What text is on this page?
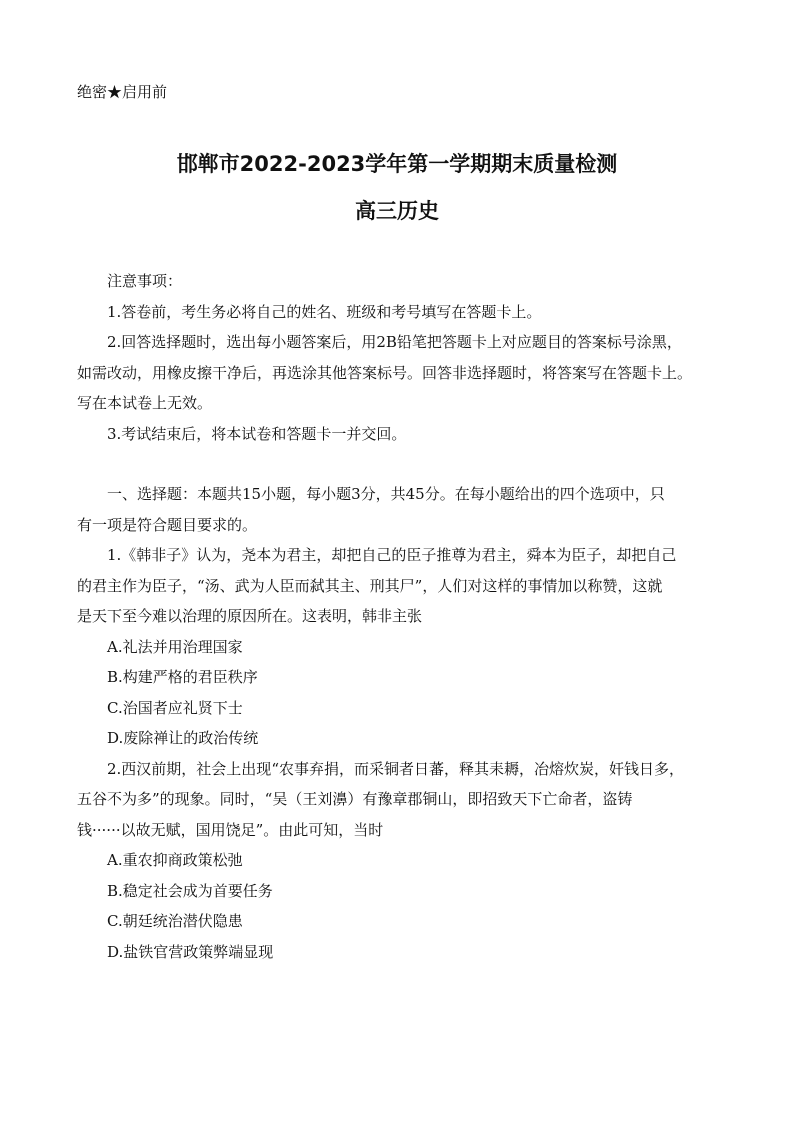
绝密★启用前
邯郸市2022-2023学年第一学期期末质量检测
高三历史

注意事项：

1.答卷前，考生务必将自己的姓名、班级和考号填写在答题卡上。

2.回答选择题时，选出每小题答案后，用2B铅笔把答题卡上对应题目的答案标号涂黑，

如需改动，用橡皮擦干净后，再选涂其他答案标号。回答非选择题时，将答案写在答题卡上。

写在本试卷上无效。

3.考试结束后，将本试卷和答题卡一并交回。

一、选择题：本题共15小题，每小题3分，共45分。在每小题给出的四个选项中，只

有一项是符合题目要求的。

1.《韩非子》认为，尧本为君主，却把自己的臣子推尊为君主，舜本为臣子，却把自己

的君主作为臣子，“汤、武为人臣而弑其主、刑其尸”，人们对这样的事情加以称赞，这就

是天下至今难以治理的原因所在。这表明，韩非主张

A.礼法并用治理国家

B.构建严格的君臣秩序

C.治国者应礼贤下士

D.废除禅让的政治传统

2.西汉前期，社会上出现“农事弃捐，而采铜者日蕃，释其耒耨，冶熔炊炭，奸钱日多，

五谷不为多”的现象。同时，“吴（王刘濞）有豫章郡铜山，即招致天下亡命者，盗铸

钱······以故无赋，国用饶足”。由此可知，当时

A.重农抑商政策松弛

B.稳定社会成为首要任务

C.朝廷统治潜伏隐患

D.盐铁官营政策弊端显现
